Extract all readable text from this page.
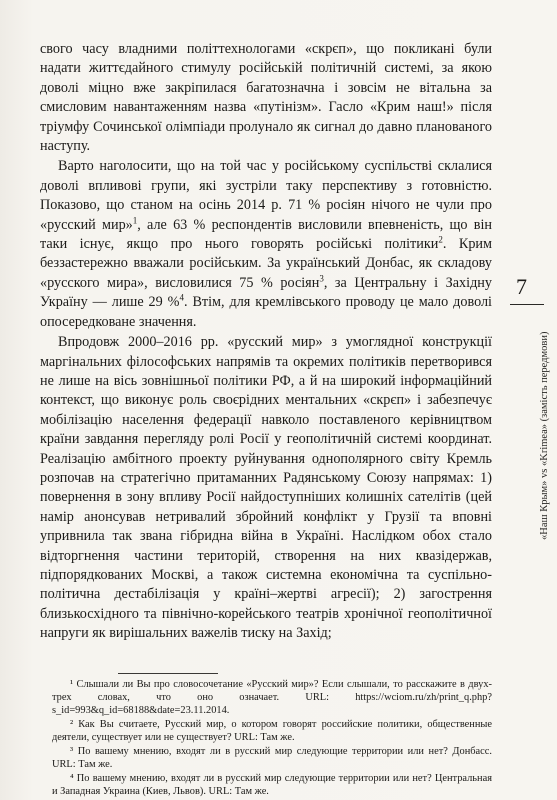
свого часу владними політтехнологами «скрєп», що покликані були надати життєдайного стимулу російській політичній системі, за якою доволі міцно вже закріпилася багатозначна і зовсім не вітальна за смисловим навантаженням назва «путінізм». Гасло «Крим наш!» після тріумфу Сочинської олімпіади пролунало як сигнал до давно планованого наступу.

Варто наголосити, що на той час у російському суспільстві склалися доволі впливові групи, які зустріли таку перспективу з готовністю. Показово, що станом на осінь 2014 р. 71 % росіян нічого не чули про «русский мир»$^1$, але 63 % респондентів висловили впевненість, що він таки існує, якщо про нього говорять російські політики$^2$. Крим беззастережно вважали російським. За український Донбас, як складову «русского мира», висловилися 75 % росіян$^3$, за Центральну і Західну Україну — лише 29 %$^4$. Втім, для кремлівського проводу це мало доволі опосередковане значення.

Впродовж 2000–2016 рр. «русский мир» з умоглядної конструкції маргінальних філософських напрямів та окремих політиків перетворився не лише на вісь зовнішньої політики РФ, а й на широкий інформаційний контекст, що виконує роль своєрідних ментальних «скрєп» і забезпечує мобілізацію населення федерації навколо поставленого керівництвом країни завдання перегляду ролі Росії у геополітичній системі координат. Реалізацію амбітного проекту руйнування однополярного світу Кремль розпочав на стратегічно притаманних Радянському Союзу напрямах: 1) повернення в зону впливу Росії найдоступніших колишніх сателітів (цей намір анонсував нетривалий збройний конфлікт у Грузії та вповні упривнила так звана гібридна війна в Україні. Наслідком обох стало відторгнення частини територій, створення на них квазідержав, підпорядкованих Москві, а також системна економічна та суспільно-політична дестабілізація у країні–жертві агресії); 2) загострення близькосхідного та північно-корейського театрів хронічної геополітичної напруги як вирішальних важелів тиску на Захід;

7
«Наш Крым» vs «Krimea» (замість передмови)

¹ Слышали ли Вы про словосочетание «Русский мир»? Если слышали, то расскажите в двух-трех словах, что оно означает. URL: https://wciom.ru/zh/print_q.php?s_id=993&q_id=68188&date=23.11.2014.

² Как Вы считаете, Русский мир, о котором говорят российские политики, общественные деятели, существует или не существует? URL: Там же.

³ По вашему мнению, входят ли в русский мир следующие территории или нет? Донбасс. URL: Там же.

⁴ По вашему мнению, входят ли в русский мир следующие территории или нет? Центральная и Западная Украина (Киев, Львов). URL: Там же.
